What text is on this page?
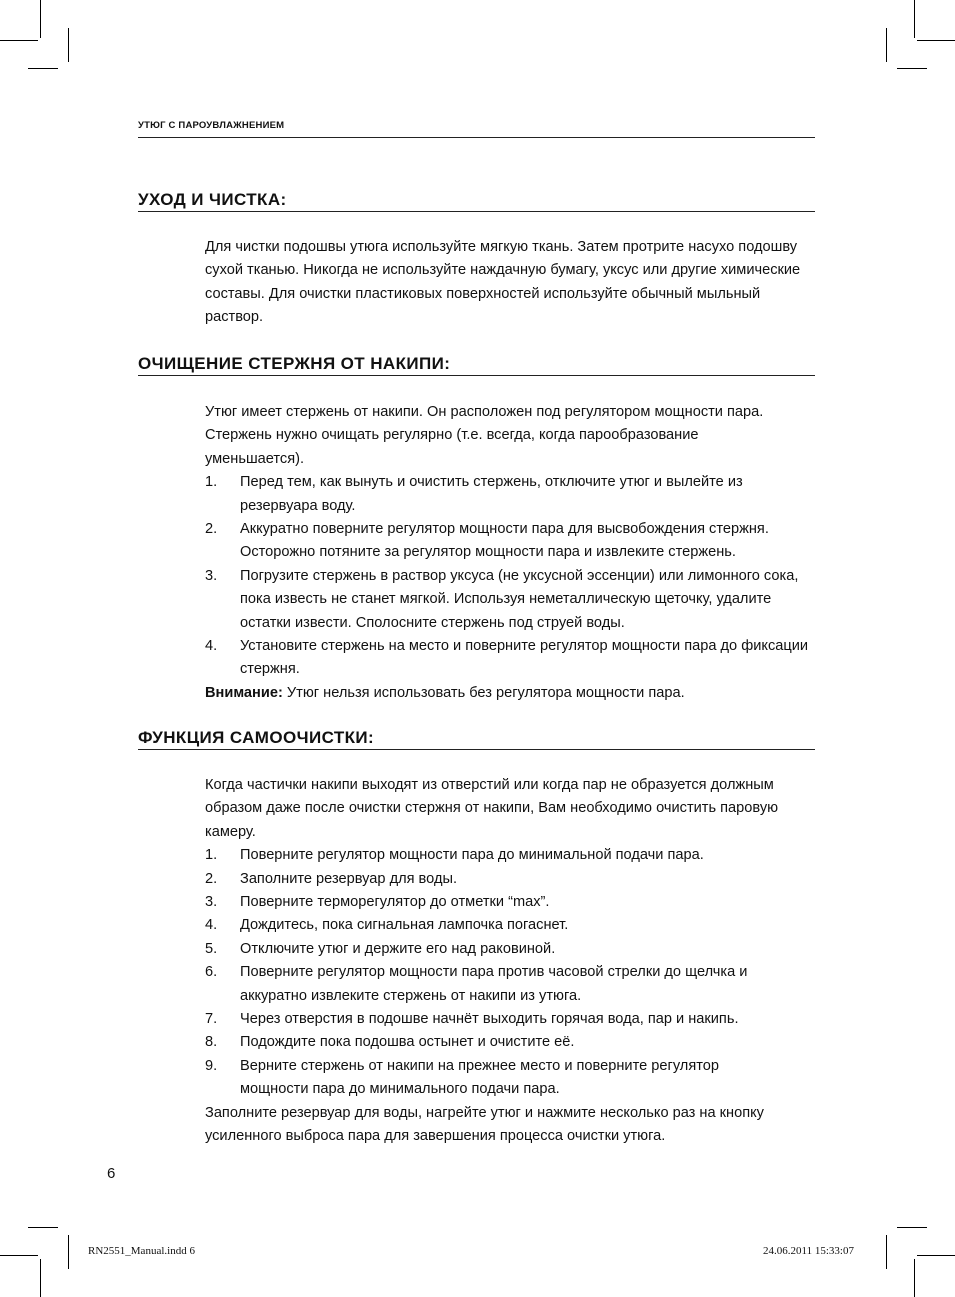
УТЮГ С ПАРОУВЛАЖНЕНИЕМ
УХОД И ЧИСТКА:

Для чистки подошвы утюга используйте мягкую ткань. Затем протрите насухо подошву сухой тканью. Никогда не используйте наждачную бумагу, уксус или другие химические составы. Для очистки пластиковых поверхностей используйте обычный мыльный раствор.

ОЧИЩЕНИЕ СТЕРЖНЯ ОТ НАКИПИ:

Утюг имеет стержень от накипи. Он расположен под регулятором мощности пара. Стержень нужно очищать регулярно (т.е. всегда, когда парообразование уменьшается).

1. Перед тем, как вынуть и очистить стержень, отключите утюг и вылейте из резервуара воду.
2. Аккуратно поверните регулятор мощности пара для высвобождения стержня. Осторожно потяните за регулятор мощности пара и извлеките стержень.
3. Погрузите стержень в раствор уксуса (не уксусной эссенции) или лимонного сока, пока известь не станет мягкой. Используя неметаллическую щеточку, удалите остатки извести. Сполосните стержень под струей воды.
4. Установите стержень на место и поверните регулятор мощности пара до фиксации стержня.

Внимание: Утюг нельзя использовать без регулятора мощности пара.

ФУНКЦИЯ САМООЧИСТКИ:

Когда частички накипи выходят из отверстий или когда пар не образуется должным образом даже после очистки стержня от накипи, Вам необходимо очистить паровую камеру.

1. Поверните регулятор мощности пара до минимальной подачи пара.
2. Заполните резервуар для воды.
3. Поверните терморегулятор до отметки “max”.
4. Дождитесь, пока сигнальная лампочка погаснет.
5. Отключите утюг и держите его над раковиной.
6. Поверните регулятор мощности пара против часовой стрелки до щелчка и аккуратно извлеките стержень от накипи из утюга.
7. Через отверстия в подошве начнёт выходить горячая вода, пар и накипь.
8. Подождите пока подошва остынет и очистите её.
9. Верните стержень от накипи на прежнее место и поверните регулятор мощности пара до минимального подачи пара.

Заполните резервуар для воды, нагрейте утюг и нажмите несколько раз на кнопку усиленного выброса пара для завершения процесса очистки утюга.

6
RN2551_Manual.indd 6	24.06.2011 15:33:07
